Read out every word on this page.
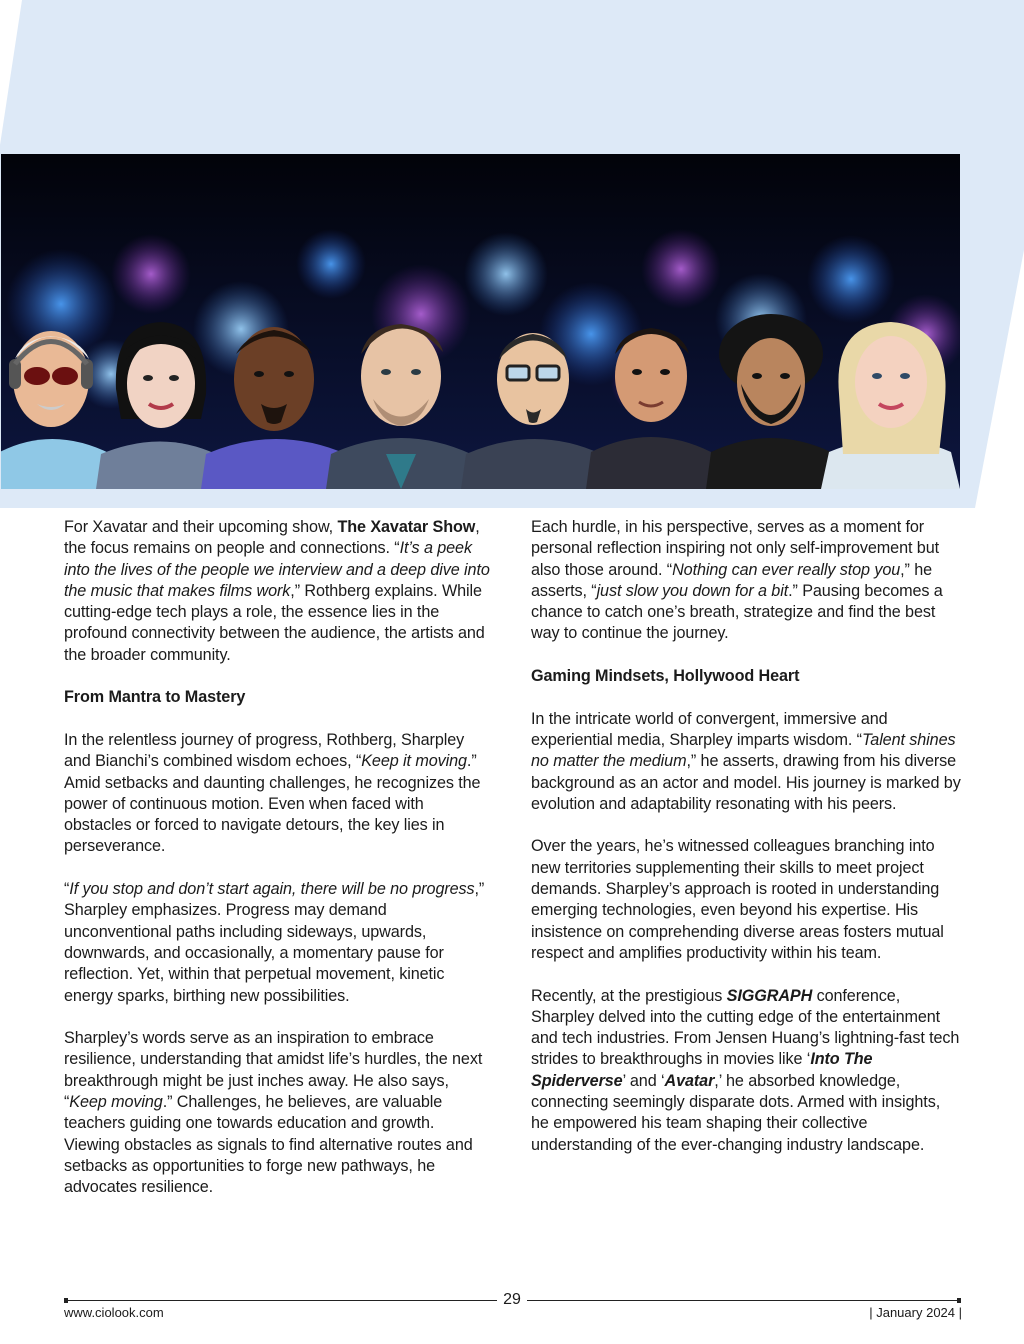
For Xavatar and their upcoming show, The Xavatar Show, the focus remains on people and connections. “It’s a peek into the lives of the people we interview and a deep dive into the music that makes films work,” Rothberg explains. While cutting-edge tech plays a role, the essence lies in the profound connectivity between the audience, the artists and the broader community.

From Mantra to Mastery

In the relentless journey of progress, Rothberg, Sharpley and Bianchi’s combined wisdom echoes, “Keep it moving.” Amid setbacks and daunting challenges, he recognizes the power of continuous motion. Even when faced with obstacles or forced to navigate detours, the key lies in perseverance.

“If you stop and don’t start again, there will be no progress,” Sharpley emphasizes. Progress may demand unconventional paths including sideways, upwards, downwards, and occasionally, a momentary pause for reflection. Yet, within that perpetual movement, kinetic energy sparks, birthing new possibilities.

Sharpley’s words serve as an inspiration to embrace resilience, understanding that amidst life’s hurdles, the next breakthrough might be just inches away. He also says, “Keep moving.” Challenges, he believes, are valuable teachers guiding one towards education and growth. Viewing obstacles as signals to find alternative routes and setbacks as opportunities to forge new pathways, he advocates resilience.

Each hurdle, in his perspective, serves as a moment for personal reflection inspiring not only self-improvement but also those around. “Nothing can ever really stop you,” he asserts, “just slow you down for a bit.” Pausing becomes a chance to catch one’s breath, strategize and find the best way to continue the journey.

Gaming Mindsets, Hollywood Heart

In the intricate world of convergent, immersive and experiential media, Sharpley imparts wisdom. “Talent shines no matter the medium,” he asserts, drawing from his diverse background as an actor and model. His journey is marked by evolution and adaptability resonating with his peers.

Over the years, he’s witnessed colleagues branching into new territories supplementing their skills to meet project demands. Sharpley’s approach is rooted in understanding emerging technologies, even beyond his expertise. His insistence on comprehending diverse areas fosters mutual respect and amplifies productivity within his team.

Recently, at the prestigious SIGGRAPH conference, Sharpley delved into the cutting edge of the entertainment and tech industries. From Jensen Huang’s lightning-fast tech strides to breakthroughs in movies like ‘Into The Spiderverse’ and ‘Avatar,’ he absorbed knowledge, connecting seemingly disparate dots. Armed with insights, he empowered his team shaping their collective understanding of the ever-changing industry landscape.

29
www.ciolook.com	| January 2024 |
